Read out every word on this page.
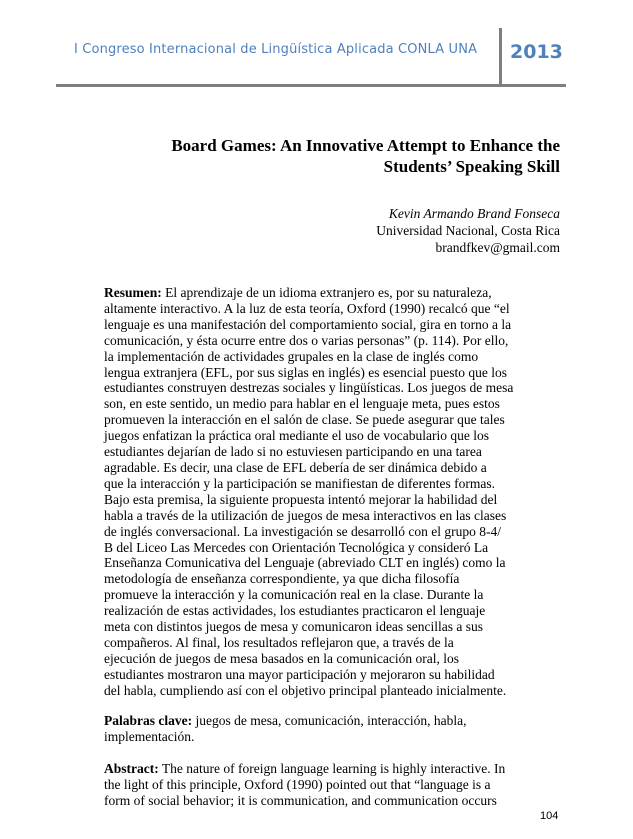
I Congreso Internacional de Lingüística Aplicada CONLA UNA	2013
Board Games: An Innovative Attempt to Enhance the
Students’ Speaking Skill
Kevin Armando Brand Fonseca
Universidad Nacional, Costa Rica
brandfkev@gmail.com
Resumen: El aprendizaje de un idioma extranjero es, por su naturaleza,
altamente interactivo. A la luz de esta teoría, Oxford (1990) recalcó que “el
lenguaje es una manifestación del comportamiento social, gira en torno a la
comunicación, y ésta ocurre entre dos o varias personas” (p. 114). Por ello,
la implementación de actividades grupales en la clase de inglés como
lengua extranjera (EFL, por sus siglas en inglés) es esencial puesto que los
estudiantes construyen destrezas sociales y lingüísticas. Los juegos de mesa
son, en este sentido, un medio para hablar en el lenguaje meta, pues estos
promueven la interacción en el salón de clase. Se puede asegurar que tales
juegos enfatizan la práctica oral mediante el uso de vocabulario que los
estudiantes dejarían de lado si no estuviesen participando en una tarea
agradable. Es decir, una clase de EFL debería de ser dinámica debido a
que la interacción y la participación se manifiestan de diferentes formas.
Bajo esta premisa, la siguiente propuesta intentó mejorar la habilidad del
habla a través de la utilización de juegos de mesa interactivos en las clases
de inglés conversacional. La investigación se desarrolló con el grupo 8-4/
B del Liceo Las Mercedes con Orientación Tecnológica y consideró La
Enseñanza Comunicativa del Lenguaje (abreviado CLT en inglés) como la
metodología de enseñanza correspondiente, ya que dicha filosofía
promueve la interacción y la comunicación real en la clase. Durante la
realización de estas actividades, los estudiantes practicaron el lenguaje
meta con distintos juegos de mesa y comunicaron ideas sencillas a sus
compañeros. Al final, los resultados reflejaron que, a través de la
ejecución de juegos de mesa basados en la comunicación oral, los
estudiantes mostraron una mayor participación y mejoraron su habilidad
del habla, cumpliendo así con el objetivo principal planteado inicialmente.
Palabras clave: juegos de mesa, comunicación, interacción, habla,
implementación.
Abstract: The nature of foreign language learning is highly interactive. In
the light of this principle, Oxford (1990) pointed out that “language is a
form of social behavior; it is communication, and communication occurs
104
